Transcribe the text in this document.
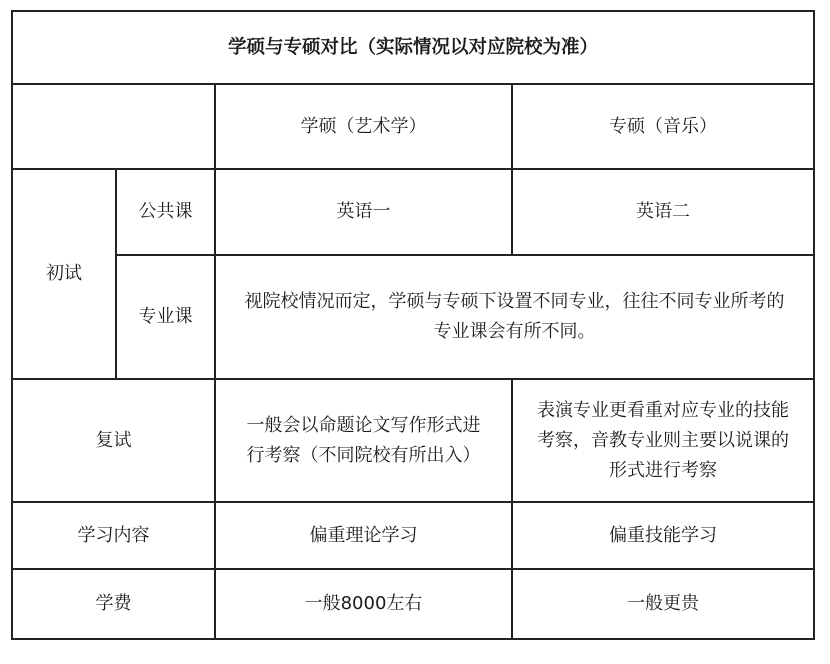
学硕与专硕对比（实际情况以对应院校为准）			
		学硕（艺术学）	专硕（音乐）
初试	公共课	英语一	英语二
	专业课	视院校情况而定，学硕与专硕下设置不同专业，往往不同专业所考的专业课会有所不同。	
复试		一般会以命题论文写作形式进行考察（不同院校有所出入）	表演专业更看重对应专业的技能考察，音教专业则主要以说课的形式进行考察
学习内容		偏重理论学习	偏重技能学习
学费		一般8000左右	一般更贵
